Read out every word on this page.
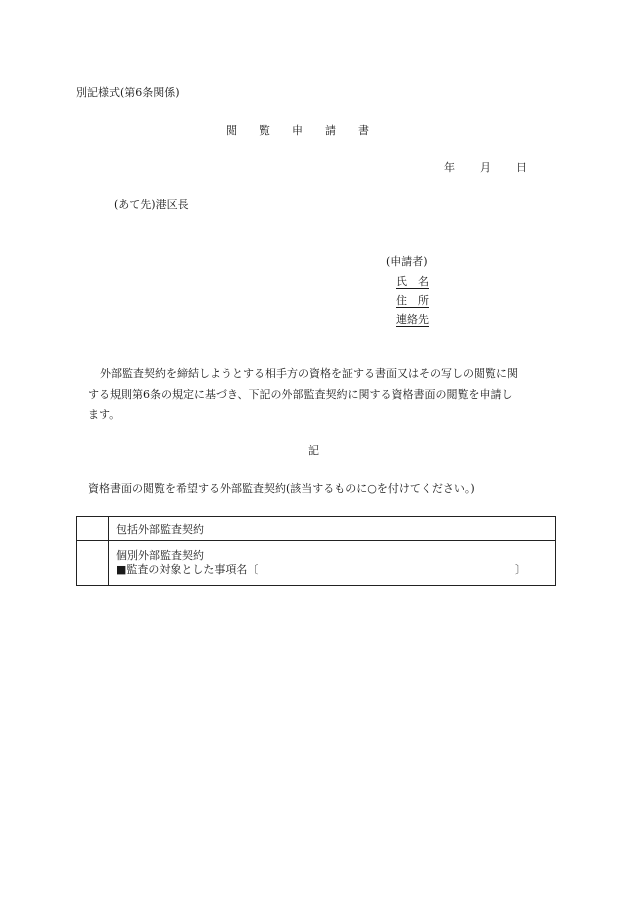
別記様式(第6条関係)
閲　　覧　　申　　請　　書
年 月 日
(あて先)港区長
(申請者)
氏　名
住　所
連絡先
外部監査契約を締結しようとする相手方の資格を証する書面又はその写しの閲覧に関
する規則第6条の規定に基づき、下記の外部監査契約に関する資格書面の閲覧を申請し
ます。
記
資格書面の閲覧を希望する外部監査契約(該当するものに○を付けてください。)
	包括外部監査契約

	個別外部監査契約
■監査の対象とした事項名〔 〕
